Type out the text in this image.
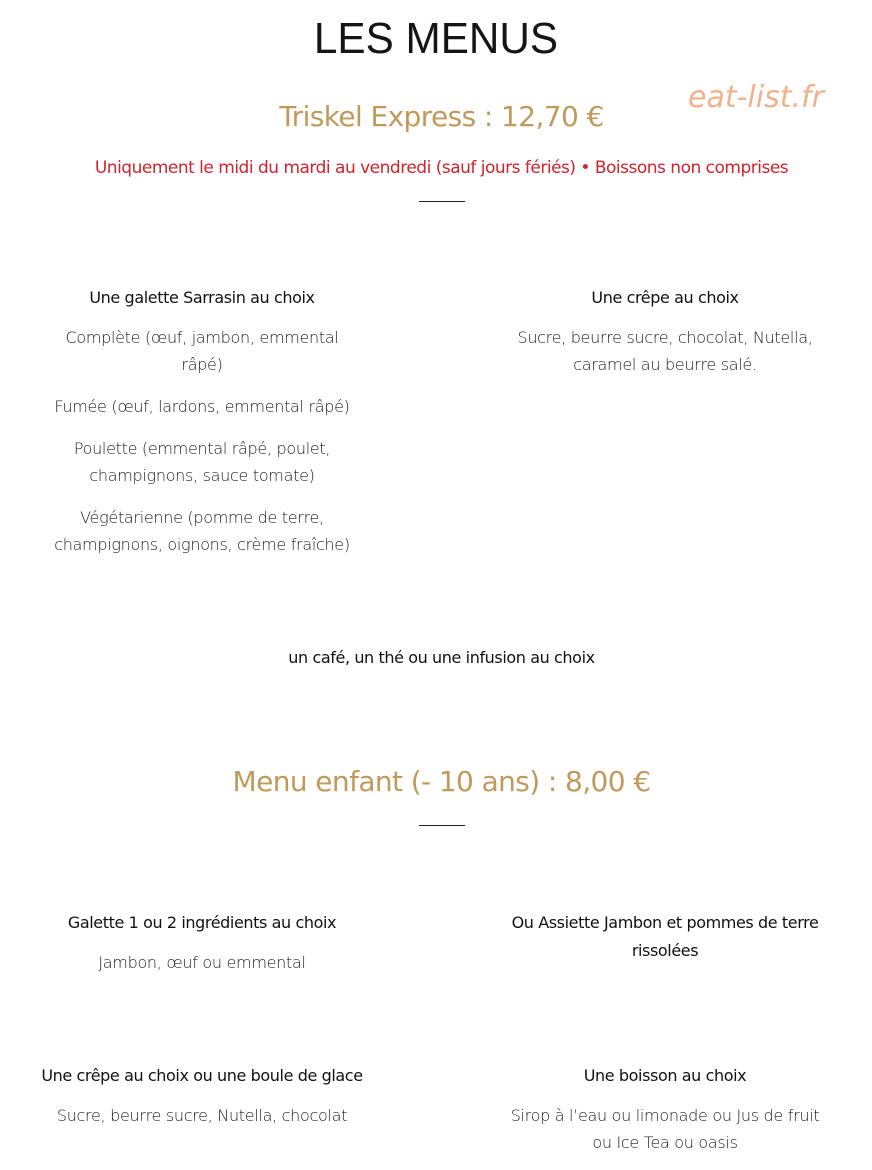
LES MENUS
eat-list.fr
Triskel Express : 12,70 €
Uniquement le midi du mardi au vendredi (sauf jours fériés) • Boissons non comprises
Une galette Sarrasin au choix

Complète (œuf, jambon, emmental râpé)

Fumée (œuf, lardons, emmental râpé)

Poulette (emmental râpé, poulet, champignons, sauce tomate)

Végétarienne (pomme de terre, champignons, oignons, crème fraîche)

Une crêpe au choix
Sucre, beurre sucre, chocolat, Nutella, caramel au beurre salé.
un café, un thé ou une infusion au choix
Menu enfant (- 10 ans) : 8,00 €
Galette 1 ou 2 ingrédients au choix
Jambon, œuf ou emmental
Ou Assiette Jambon et pommes de terre rissolées
Une crêpe au choix ou une boule de glace
Sucre, beurre sucre, Nutella, chocolat
Une boisson au choix
Sirop à l’eau ou limonade ou Jus de fruit ou Ice Tea ou oasis
